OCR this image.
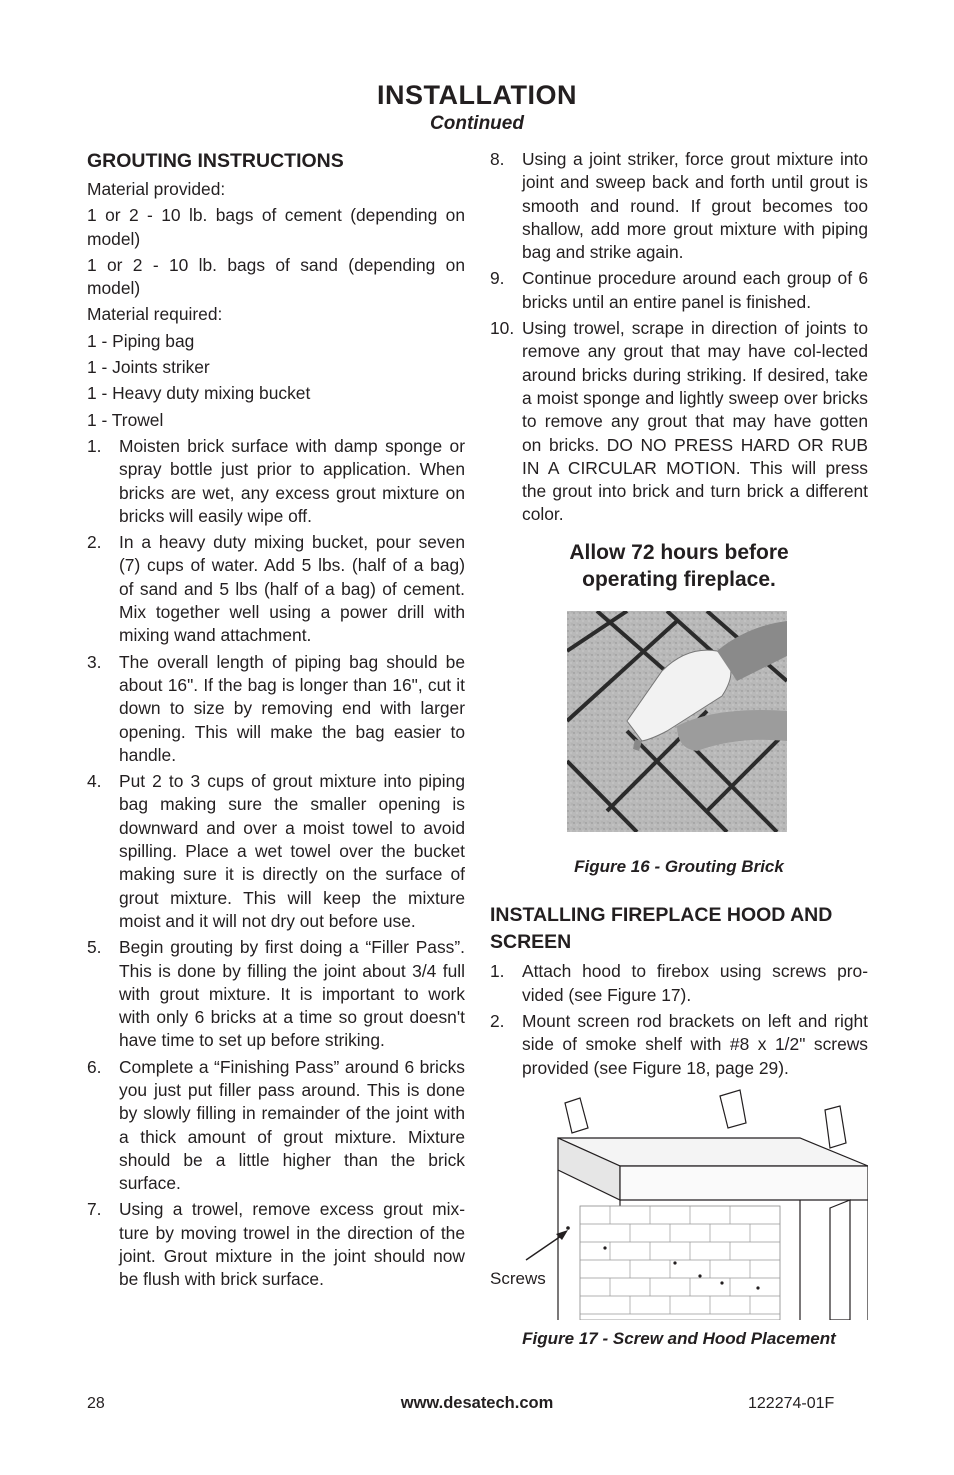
INSTALLATION
Continued
GROUTING INSTRUCTIONS

Material provided:

1 or 2 - 10 lb. bags of cement (depending on model)

1 or 2 - 10 lb. bags of sand (depending on model)

Material required:

1 - Piping bag

1 - Joints striker

1 - Heavy duty mixing bucket

1 - Trowel

1. Moisten brick surface with damp sponge or spray bottle just prior to application. When bricks are wet, any excess grout mixture on bricks will easily wipe off.
2. In a heavy duty mixing bucket, pour seven (7) cups of water. Add 5 lbs. (half of a bag) of sand and 5 lbs (half of a bag) of cement. Mix together well using a power drill with mixing wand attachment.
3. The overall length of piping bag should be about 16". If the bag is longer than 16", cut it down to size by removing end with larger opening. This will make the bag easier to handle.
4. Put 2 to 3 cups of grout mixture into piping bag making sure the smaller opening is downward and over a moist towel to avoid spilling. Place a wet towel over the bucket making sure it is directly on the surface of grout mixture. This will keep the mixture moist and it will not dry out before use.
5. Begin grouting by first doing a “Filler Pass”. This is done by filling the joint about 3/4 full with grout mixture. It is important to work with only 6 bricks at a time so grout doesn't have time to set up before striking.
6. Complete a “Finishing Pass” around 6 bricks you just put filler pass around. This is done by slowly filling in remainder of the joint with a thick amount of grout mixture. Mixture should be a little higher than the brick surface.
7. Using a trowel, remove excess grout mix-ture by moving trowel in the direction of the joint. Grout mixture in the joint should now be flush with brick surface.
8. Using a joint striker, force grout mixture into joint and sweep back and forth until grout is smooth and round. If grout becomes too shallow, add more grout mixture with piping bag and strike again.
9. Continue procedure around each group of 6 bricks until an entire panel is finished.
10. Using trowel, scrape in direction of joints to remove any grout that may have col-lected around bricks during striking. If desired, take a moist sponge and lightly sweep over bricks to remove any grout that may have gotten on bricks. DO NO PRESS HARD OR RUB IN A CIRCULAR MOTION. This will press the grout into brick and turn brick a different color.
Allow 72 hours before
operating fireplace.
Figure 16 - Grouting Brick
INSTALLING FIREPLACE HOOD AND SCREEN
1. Attach hood to firebox using screws pro-vided (see Figure 17).
2. Mount screen rod brackets on left and right side of smoke shelf with #8 x 1/2" screws provided (see Figure 18, page 29).
Screws
Figure 17 - Screw and Hood Placement
28	www.desatech.com	122274-01F
